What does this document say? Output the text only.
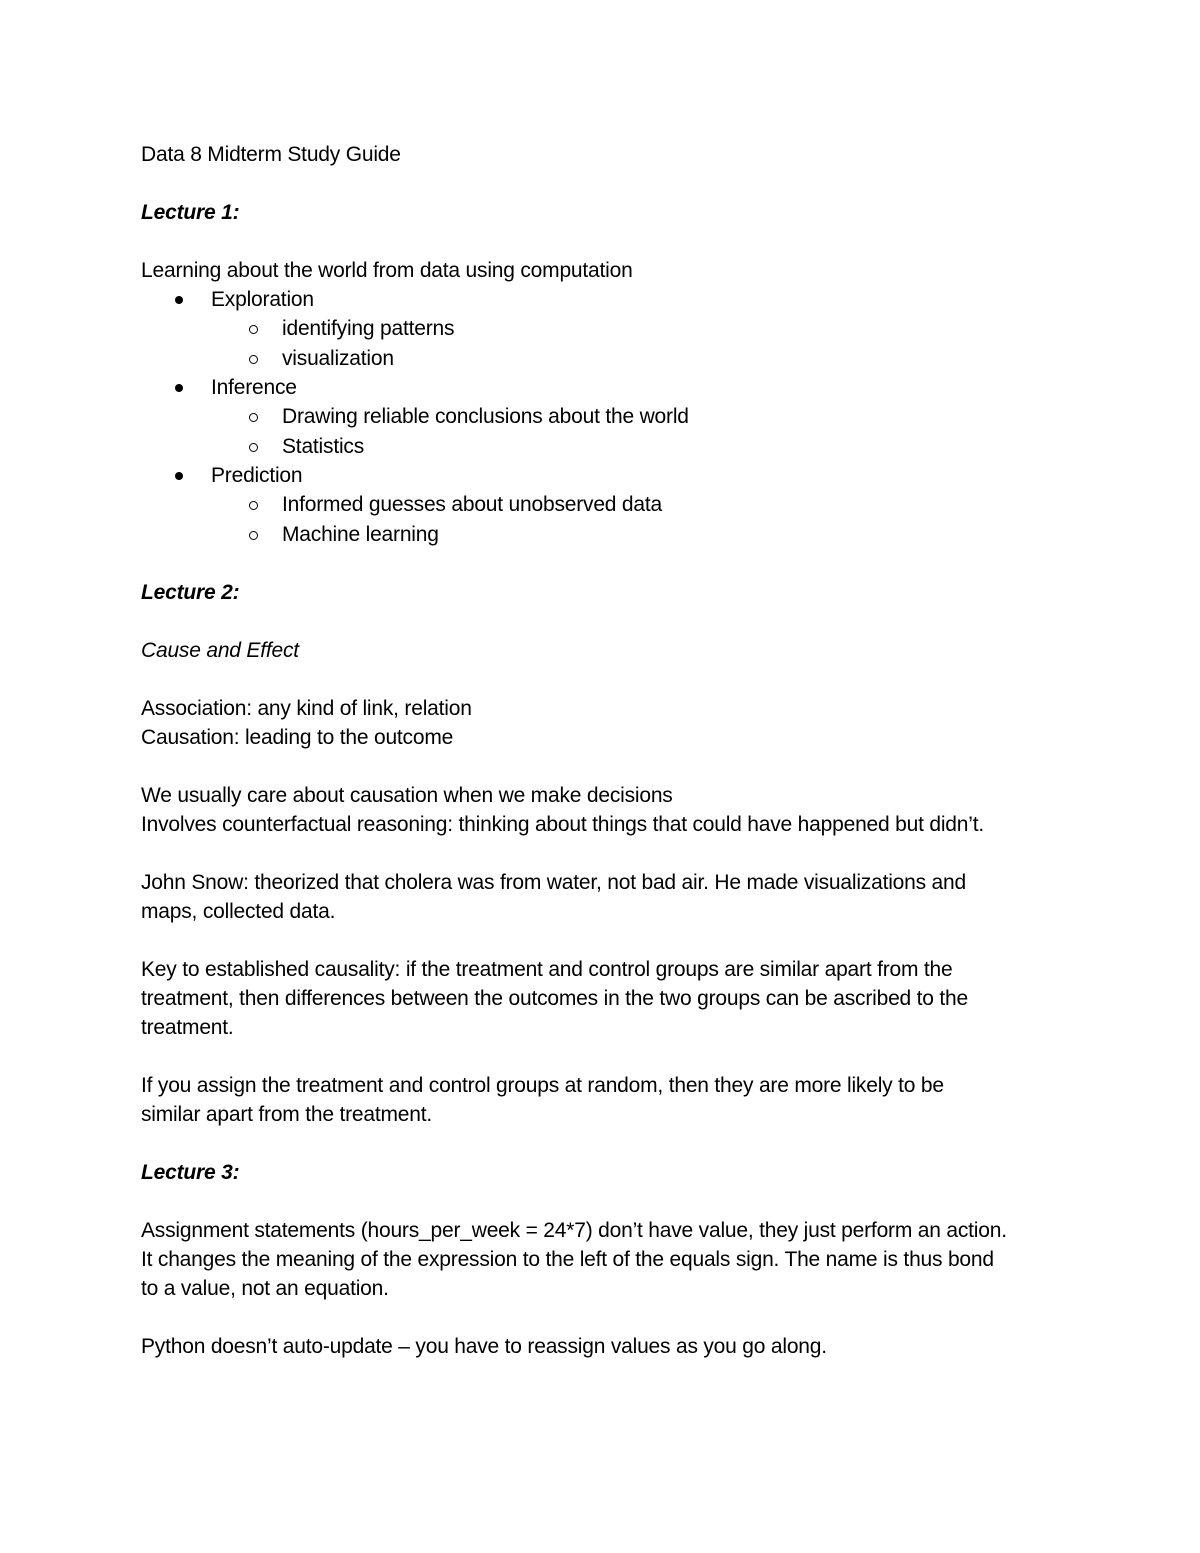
Data 8 Midterm Study Guide
Lecture 1:
Learning about the world from data using computation
Exploration
identifying patterns
visualization
Inference
Drawing reliable conclusions about the world
Statistics
Prediction
Informed guesses about unobserved data
Machine learning
Lecture 2:
Cause and Effect
Association: any kind of link, relation
Causation: leading to the outcome
We usually care about causation when we make decisions
Involves counterfactual reasoning: thinking about things that could have happened but didn’t.
John Snow: theorized that cholera was from water, not bad air. He made visualizations and
maps, collected data.
Key to established causality: if the treatment and control groups are similar apart from the
treatment, then differences between the outcomes in the two groups can be ascribed to the
treatment.
If you assign the treatment and control groups at random, then they are more likely to be
similar apart from the treatment.
Lecture 3:
Assignment statements (hours_per_week = 24*7) don’t have value, they just perform an action.
It changes the meaning of the expression to the left of the equals sign. The name is thus bond
to a value, not an equation.
Python doesn’t auto-update – you have to reassign values as you go along.
